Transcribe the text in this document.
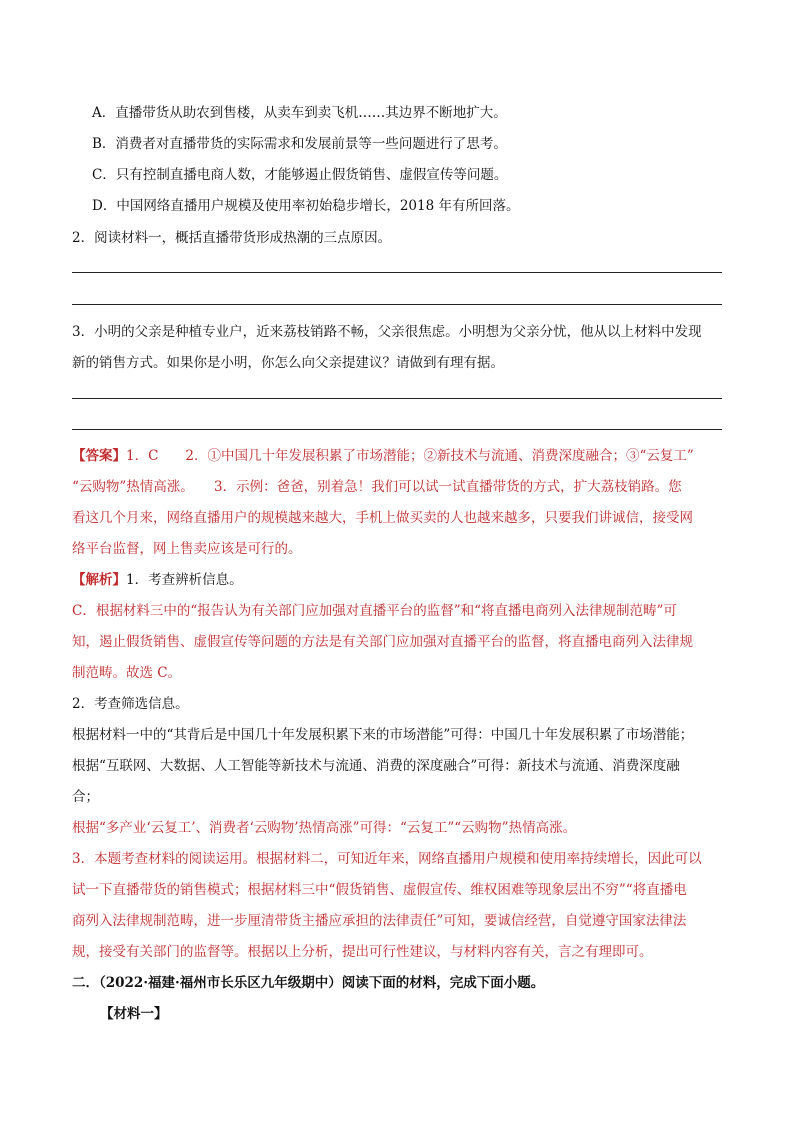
A．直播带货从助农到售楼，从卖车到卖飞机……其边界不断地扩大。
B．消费者对直播带货的实际需求和发展前景等一些问题进行了思考。
C．只有控制直播电商人数，才能够遏止假货销售、虚假宣传等问题。
D．中国网络直播用户规模及使用率初始稳步增长，2018 年有所回落。
2．阅读材料一，概括直播带货形成热潮的三点原因。
3．小明的父亲是种植专业户，近来荔枝销路不畅，父亲很焦虑。小明想为父亲分忧，他从以上材料中发现
新的销售方式。如果你是小明，你怎么向父亲提建议？请做到有理有据。
【答案】1．C　　2．①中国几十年发展积累了市场潜能；②新技术与流通、消费深度融合；③“云复工”
“云购物”热情高涨。　　3．示例：爸爸，别着急！我们可以试一试直播带货的方式，扩大荔枝销路。您
看这几个月来，网络直播用户的规模越来越大，手机上做买卖的人也越来越多，只要我们讲诚信，接受网
络平台监督，网上售卖应该是可行的。
【解析】1．考查辨析信息。
C．根据材料三中的“报告认为有关部门应加强对直播平台的监督”和“将直播电商列入法律规制范畴”可
知，遏止假货销售、虚假宣传等问题的方法是有关部门应加强对直播平台的监督，将直播电商列入法律规
制范畴。故选 C。
2．考查筛选信息。
根据材料一中的“其背后是中国几十年发展积累下来的市场潜能”可得：中国几十年发展积累了市场潜能；
根据“互联网、大数据、人工智能等新技术与流通、消费的深度融合”可得：新技术与流通、消费深度融
合；
根据“多产业‘云复工’、消费者‘云购物’热情高涨”可得：“云复工”“云购物”热情高涨。
3．本题考查材料的阅读运用。根据材料二，可知近年来，网络直播用户规模和使用率持续增长，因此可以
试一下直播带货的销售模式；根据材料三中“假货销售、虚假宣传、维权困难等现象层出不穷”“将直播电
商列入法律规制范畴，进一步厘清带货主播应承担的法律责任”可知，要诚信经营，自觉遵守国家法律法
规，接受有关部门的监督等。根据以上分析，提出可行性建议，与材料内容有关，言之有理即可。
二．（2022·福建·福州市长乐区九年级期中）阅读下面的材料，完成下面小题。
【材料一】
